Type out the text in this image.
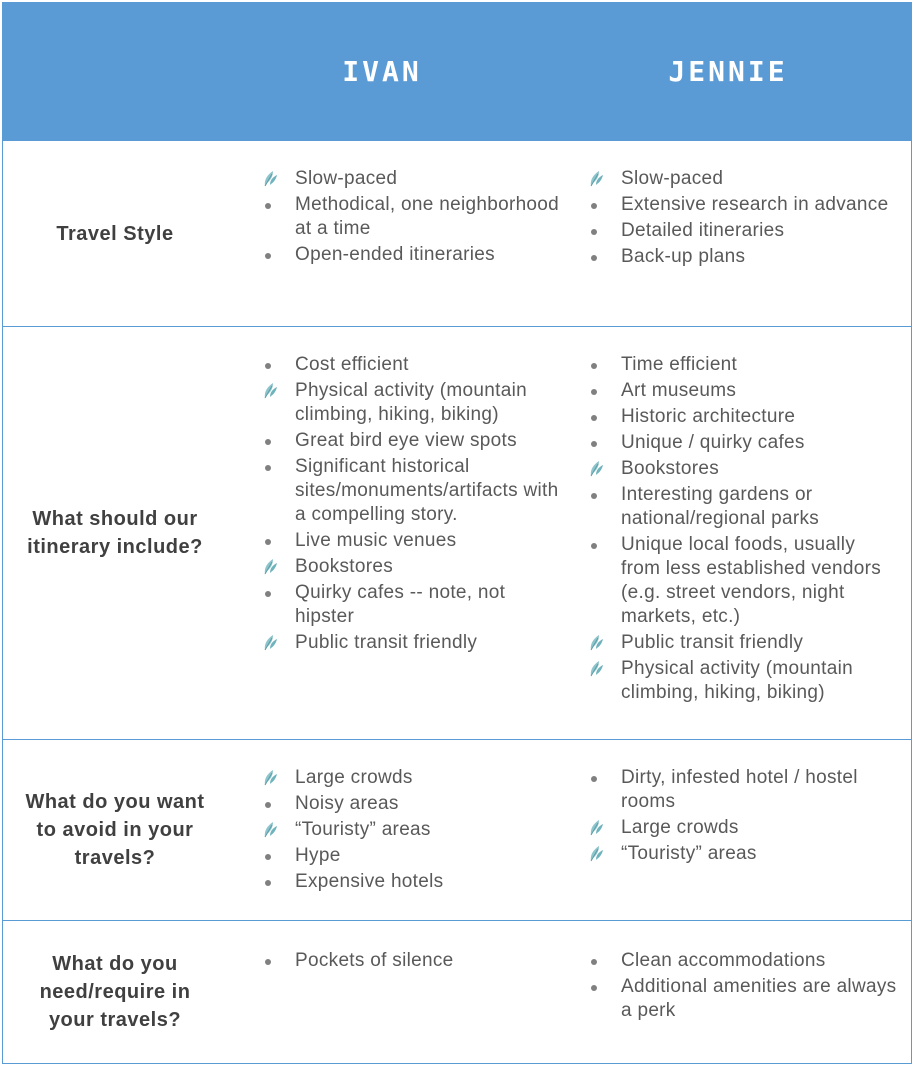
IVAN	JENNIE
Travel Style
Slow-paced
Methodical, one neighborhood at a time
Open-ended itineraries
Slow-paced
Extensive research in advance
Detailed itineraries
Back-up plans
What should our itinerary include?
Cost efficient
Physical activity (mountain climbing, hiking, biking)
Great bird eye view spots
Significant historical sites/monuments/artifacts with a compelling story.
Live music venues
Bookstores
Quirky cafes -- note, not hipster
Public transit friendly
Time efficient
Art museums
Historic architecture
Unique / quirky cafes
Bookstores
Interesting gardens or national/regional parks
Unique local foods, usually from less established vendors (e.g. street vendors, night markets, etc.)
Public transit friendly
Physical activity (mountain climbing, hiking, biking)
What do you want to avoid in your travels?
Large crowds
Noisy areas
“Touristy” areas
Hype
Expensive hotels
Dirty, infested hotel / hostel rooms
Large crowds
“Touristy” areas
What do you need/require in your travels?
Pockets of silence	Clean accommodations
Additional amenities are always a perk
